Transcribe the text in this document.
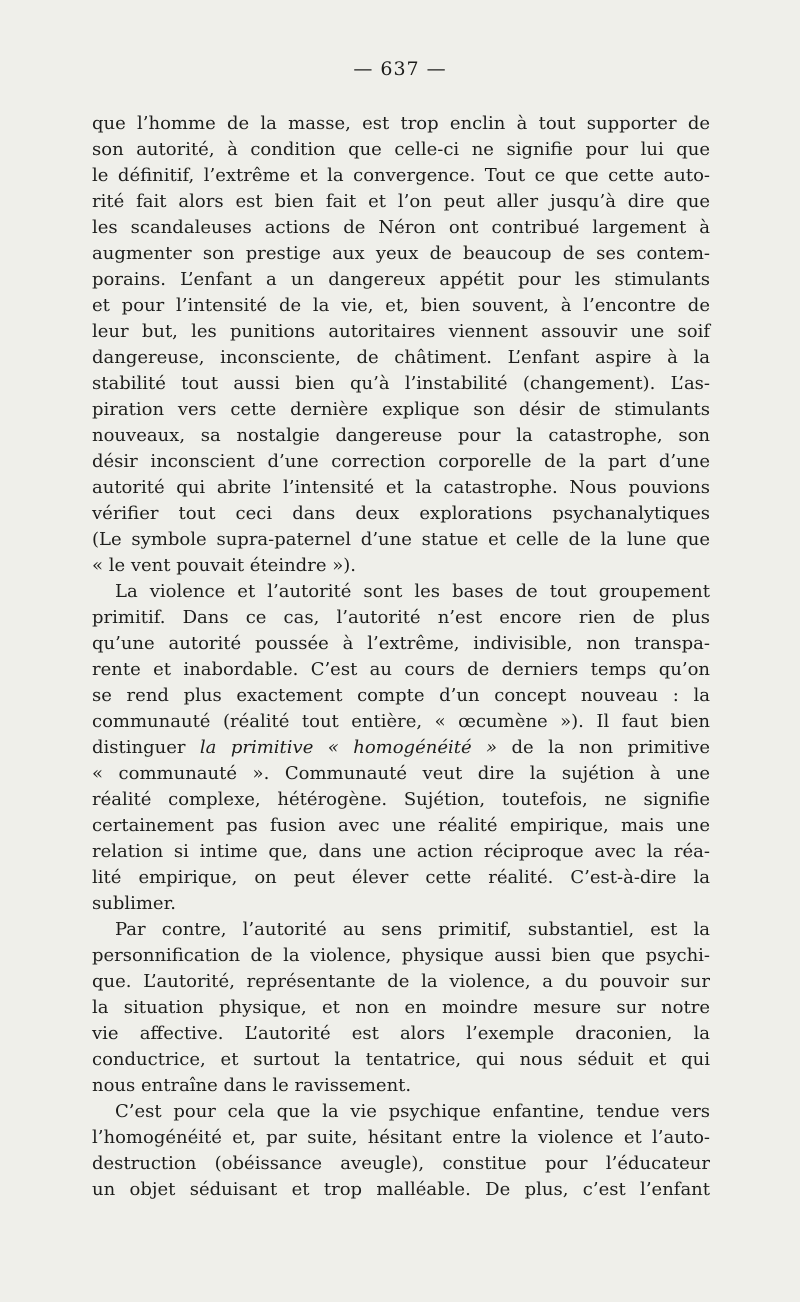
— 637 —
que l’homme de la masse, est trop enclin à tout supporter de
son autorité, à condition que celle-ci ne signifie pour lui que
le définitif, l’extrême et la convergence. Tout ce que cette auto-
rité fait alors est bien fait et l’on peut aller jusqu’à dire que
les scandaleuses actions de Néron ont contribué largement à
augmenter son prestige aux yeux de beaucoup de ses contem-
porains. L’enfant a un dangereux appétit pour les stimulants
et pour l’intensité de la vie, et, bien souvent, à l’encontre de
leur but, les punitions autoritaires viennent assouvir une soif
dangereuse, inconsciente, de châtiment. L’enfant aspire à la
stabilité tout aussi bien qu’à l’instabilité (changement). L’as-
piration vers cette dernière explique son désir de stimulants
nouveaux, sa nostalgie dangereuse pour la catastrophe, son
désir inconscient d’une correction corporelle de la part d’une
autorité qui abrite l’intensité et la catastrophe. Nous pouvions
vérifier tout ceci dans deux explorations psychanalytiques
(Le symbole supra-paternel d’une statue et celle de la lune que
« le vent pouvait éteindre »).
La violence et l’autorité sont les bases de tout groupement
primitif. Dans ce cas, l’autorité n’est encore rien de plus
qu’une autorité poussée à l’extrême, indivisible, non transpa-
rente et inabordable. C’est au cours de derniers temps qu’on
se rend plus exactement compte d’un concept nouveau : la
communauté (réalité tout entière, « œcumène »). Il faut bien
distinguer la primitive « homogénéité » de la non primitive
« communauté ». Communauté veut dire la sujétion à une
réalité complexe, hétérogène. Sujétion, toutefois, ne signifie
certainement pas fusion avec une réalité empirique, mais une
relation si intime que, dans une action réciproque avec la réa-
lité empirique, on peut élever cette réalité. C’est-à-dire la
sublimer.
Par contre, l’autorité au sens primitif, substantiel, est la
personnification de la violence, physique aussi bien que psychi-
que. L’autorité, représentante de la violence, a du pouvoir sur
la situation physique, et non en moindre mesure sur notre
vie affective. L’autorité est alors l’exemple draconien, la
conductrice, et surtout la tentatrice, qui nous séduit et qui
nous entraîne dans le ravissement.
C’est pour cela que la vie psychique enfantine, tendue vers
l’homogénéité et, par suite, hésitant entre la violence et l’auto-
destruction (obéissance aveugle), constitue pour l’éducateur
un objet séduisant et trop malléable. De plus, c’est l’enfant
